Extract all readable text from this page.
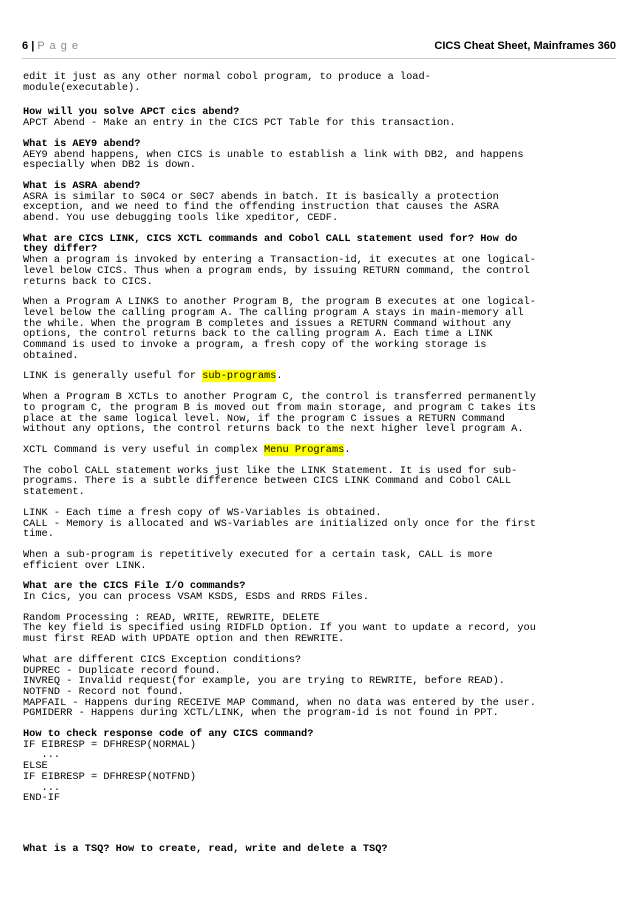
6 | P a g e	CICS Cheat Sheet, Mainframes 360
edit it just as any other normal cobol program, to produce a load-
module(executable).
How will you solve APCT cics abend?
APCT Abend - Make an entry in the CICS PCT Table for this transaction.
What is AEY9 abend?
AEY9 abend happens, when CICS is unable to establish a link with DB2, and happens
especially when DB2 is down.
What is ASRA abend?
ASRA is similar to S0C4 or S0C7 abends in batch. It is basically a protection
exception, and we need to find the offending instruction that causes the ASRA
abend. You use debugging tools like xpeditor, CEDF.
What are CICS LINK, CICS XCTL commands and Cobol CALL statement used for? How do
they differ?
When a program is invoked by entering a Transaction-id, it executes at one logical-
level below CICS. Thus when a program ends, by issuing RETURN command, the control
returns back to CICS.
When a Program A LINKS to another Program B, the program B executes at one logical-
level below the calling program A. The calling program A stays in main-memory all
the while. When the program B completes and issues a RETURN Command without any
options, the control returns back to the calling program A. Each time a LINK
Command is used to invoke a program, a fresh copy of the working storage is
obtained.
LINK is generally useful for sub-programs.
When a Program B XCTLs to another Program C, the control is transferred permanently
to program C, the program B is moved out from main storage, and program C takes its
place at the same logical level. Now, if the program C issues a RETURN Command
without any options, the control returns back to the next higher level program A.
XCTL Command is very useful in complex Menu Programs.
The cobol CALL statement works just like the LINK Statement. It is used for sub-
programs. There is a subtle difference between CICS LINK Command and Cobol CALL
statement.
LINK - Each time a fresh copy of WS-Variables is obtained.
CALL - Memory is allocated and WS-Variables are initialized only once for the first
time.
When a sub-program is repetitively executed for a certain task, CALL is more
efficient over LINK.
What are the CICS File I/O commands?
In Cics, you can process VSAM KSDS, ESDS and RRDS Files.
Random Processing : READ, WRITE, REWRITE, DELETE
The key field is specified using RIDFLD Option. If you want to update a record, you
must first READ with UPDATE option and then REWRITE.
What are different CICS Exception conditions?
DUPREC - Duplicate record found.
INVREQ - Invalid request(for example, you are trying to REWRITE, before READ).
NOTFND - Record not found.
MAPFAIL - Happens during RECEIVE MAP Command, when no data was entered by the user.
PGMIDERR - Happens during XCTL/LINK, when the program-id is not found in PPT.
How to check response code of any CICS command?
IF EIBRESP = DFHRESP(NORMAL)
...
ELSE
IF EIBRESP = DFHRESP(NOTFND)
...
END-IF
What is a TSQ? How to create, read, write and delete a TSQ?
